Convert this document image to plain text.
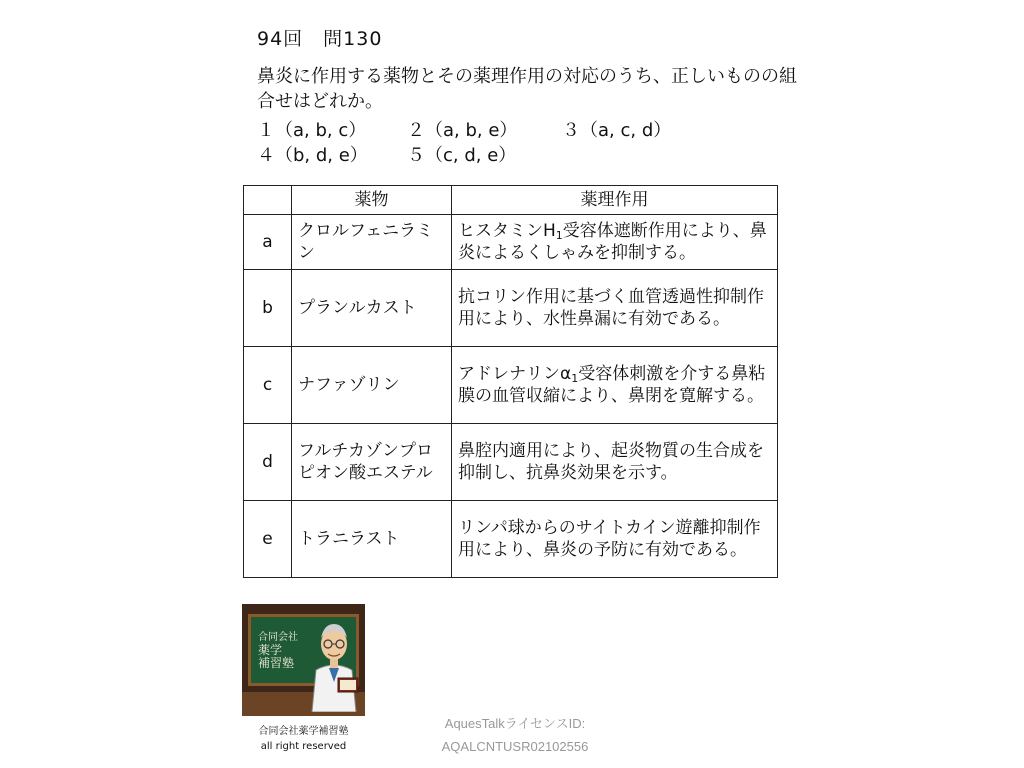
94回　問130
鼻炎に作用する薬物とその薬理作用の対応のうち、正しいものの組合せはどれか。
１（a, b, c） ２（a, b, e） ３（a, c, d）
４（b, d, e） ５（c, d, e）
	薬物	薬理作用
a	クロルフェニラミン	ヒスタミン$H_1$受容体遮断作用により、鼻炎によるくしゃみを抑制する。
b	プランルカスト	抗コリン作用に基づく血管透過性抑制作用により、水性鼻漏に有効である。
c	ナファゾリン	アドレナリン$\alpha_1$受容体刺激を介する鼻粘膜の血管収縮により、鼻閉を寛解する。
d	フルチカゾンプロピオン酸エステル	鼻腔内適用により、起炎物質の生合成を抑制し、抗鼻炎効果を示す。
e	トラニラスト	リンパ球からのサイトカイン遊離抑制作用により、鼻炎の予防に有効である。
合同会社
薬学
補習塾
合同会社薬学補習塾
all right reserved
AquesTalkライセンスID:
AQALCNTUSR02102556
